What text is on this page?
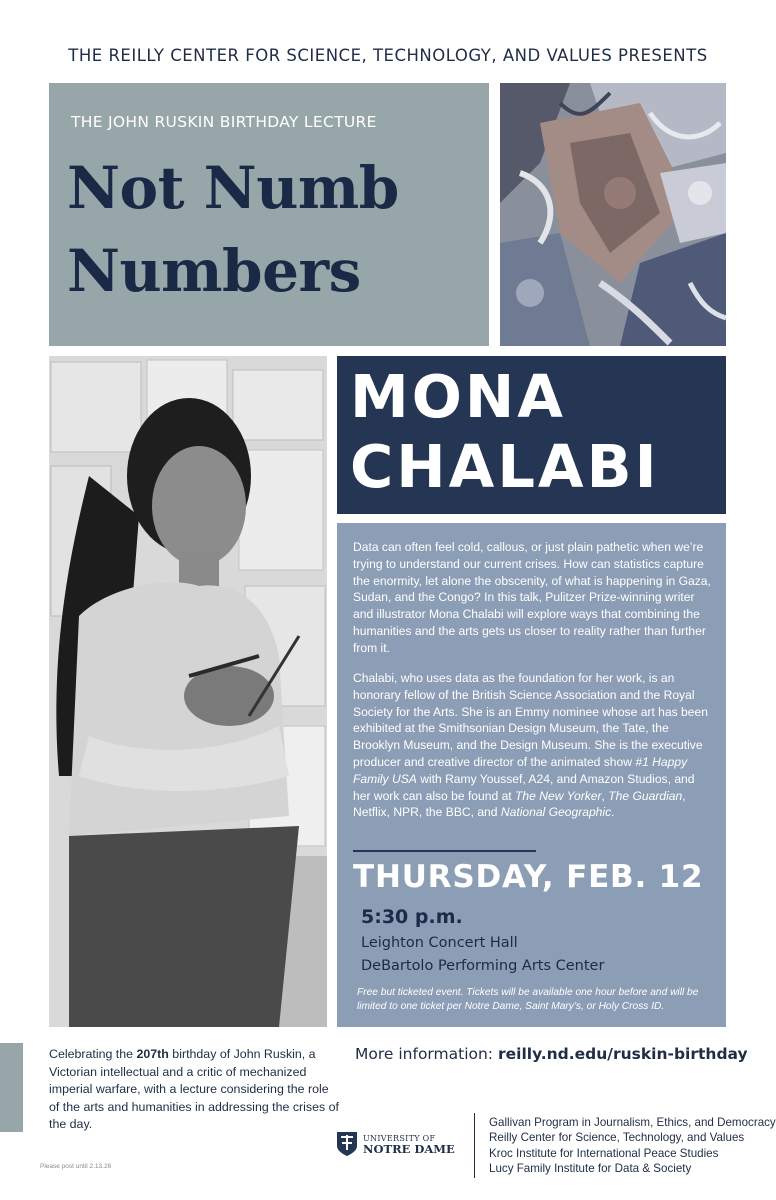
THE REILLY CENTER FOR SCIENCE, TECHNOLOGY, AND VALUES PRESENTS
THE JOHN RUSKIN BIRTHDAY LECTURE
Not Numb
Numbers
MONA
CHALABI

Data can often feel cold, callous, or just plain pathetic when we’re trying to understand our current crises. How can statistics capture the enormity, let alone the obscenity, of what is happening in Gaza, Sudan, and the Congo? In this talk, Pulitzer Prize-winning writer and illustrator Mona Chalabi will explore ways that combining the humanities and the arts gets us closer to reality rather than further from it.

Chalabi, who uses data as the foundation for her work, is an honorary fellow of the British Science Association and the Royal Society for the Arts. She is an Emmy nominee whose art has been exhibited at the Smithsonian Design Museum, the Tate, the Brooklyn Museum, and the Design Museum. She is the executive producer and creative director of the animated show #1 Happy Family USA with Ramy Youssef, A24, and Amazon Studios, and her work can also be found at The New Yorker, The Guardian, Netflix, NPR, the BBC, and National Geographic.

THURSDAY, FEB. 12
5:30 p.m.
Leighton Concert Hall
DeBartolo Performing Arts Center
Free but ticketed event. Tickets will be available one hour before and will be limited to one ticket per Notre Dame, Saint Mary’s, or Holy Cross ID.

Celebrating the 207th birthday of John Ruskin, a Victorian intellectual and a critic of mechanized imperial warfare, with a lecture considering the role of the arts and humanities in addressing the crises of the day.

More information: reilly.nd.edu/ruskin-birthday
UNIVERSITY OF
NOTRE DAME
Gallivan Program in Journalism, Ethics, and Democracy
Reilly Center for Science, Technology, and Values
Kroc Institute for International Peace Studies
Lucy Family Institute for Data & Society
Please post until 2.13.26
